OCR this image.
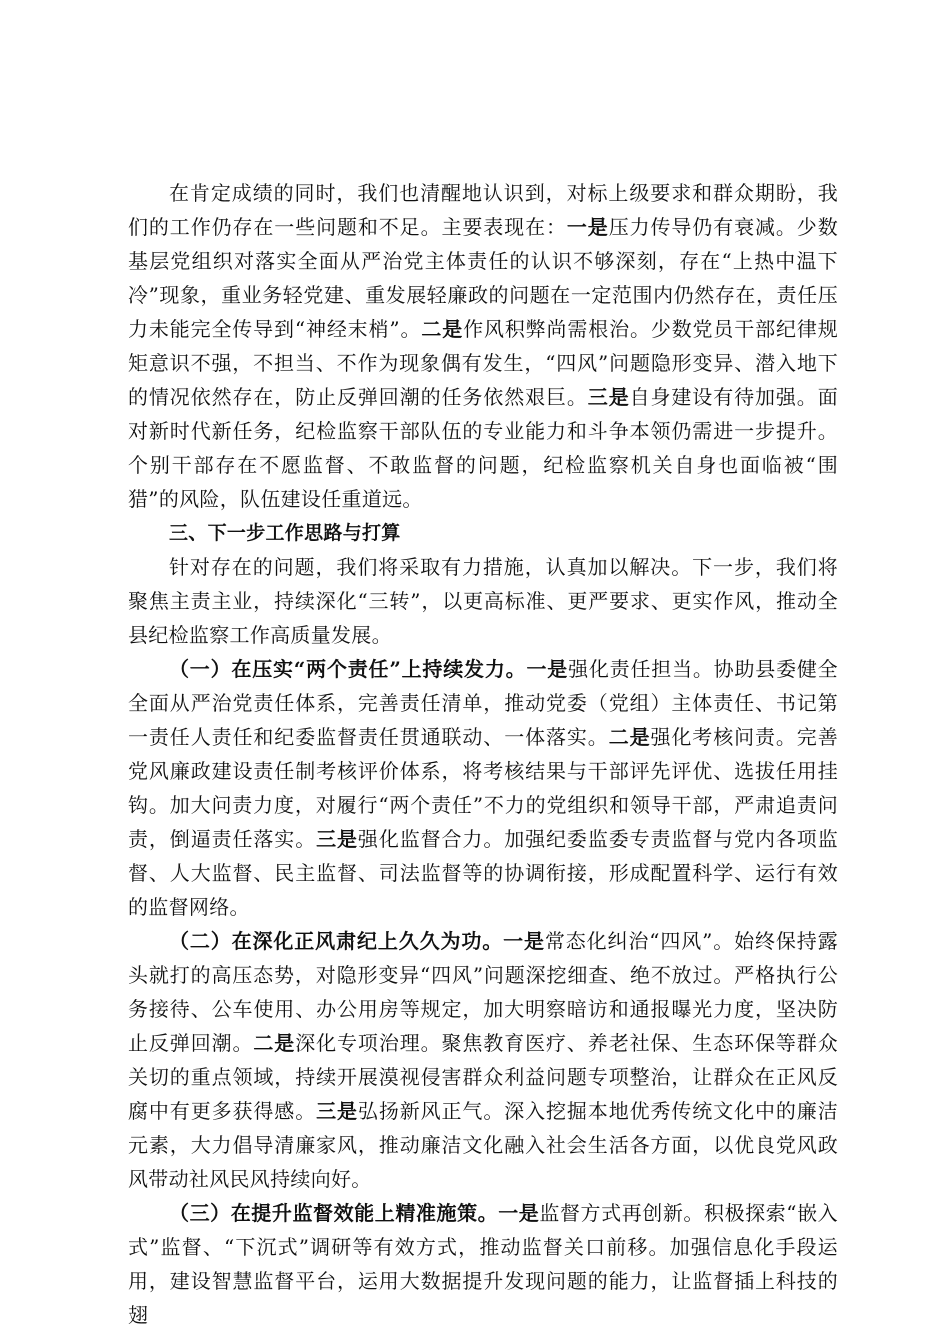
在肯定成绩的同时，我们也清醒地认识到，对标上级要求和群众期盼，我们的工作仍存在一些问题和不足。主要表现在：一是压力传导仍有衰减。少数基层党组织对落实全面从严治党主体责任的认识不够深刻，存在“上热中温下冷”现象，重业务轻党建、重发展轻廉政的问题在一定范围内仍然存在，责任压力未能完全传导到“神经末梢”。二是作风积弊尚需根治。少数党员干部纪律规矩意识不强，不担当、不作为现象偶有发生，“四风”问题隐形变异、潜入地下的情况依然存在，防止反弹回潮的任务依然艰巨。三是自身建设有待加强。面对新时代新任务，纪检监察干部队伍的专业能力和斗争本领仍需进一步提升。个别干部存在不愿监督、不敢监督的问题，纪检监察机关自身也面临被“围猎”的风险，队伍建设任重道远。

三、下一步工作思路与打算

针对存在的问题，我们将采取有力措施，认真加以解决。下一步，我们将聚焦主责主业，持续深化“三转”，以更高标准、更严要求、更实作风，推动全县纪检监察工作高质量发展。

（一）在压实“两个责任”上持续发力。一是强化责任担当。协助县委健全全面从严治党责任体系，完善责任清单，推动党委（党组）主体责任、书记第一责任人责任和纪委监督责任贯通联动、一体落实。二是强化考核问责。完善党风廉政建设责任制考核评价体系，将考核结果与干部评先评优、选拔任用挂钩。加大问责力度，对履行“两个责任”不力的党组织和领导干部，严肃追责问责，倒逼责任落实。三是强化监督合力。加强纪委监委专责监督与党内各项监督、人大监督、民主监督、司法监督等的协调衔接，形成配置科学、运行有效的监督网络。

（二）在深化正风肃纪上久久为功。一是常态化纠治“四风”。始终保持露头就打的高压态势，对隐形变异“四风”问题深挖细查、绝不放过。严格执行公务接待、公车使用、办公用房等规定，加大明察暗访和通报曝光力度，坚决防止反弹回潮。二是深化专项治理。聚焦教育医疗、养老社保、生态环保等群众关切的重点领域，持续开展漠视侵害群众利益问题专项整治，让群众在正风反腐中有更多获得感。三是弘扬新风正气。深入挖掘本地优秀传统文化中的廉洁元素，大力倡导清廉家风，推动廉洁文化融入社会生活各方面，以优良党风政风带动社风民风持续向好。

（三）在提升监督效能上精准施策。一是监督方式再创新。积极探索“嵌入式”监督、“下沉式”调研等有效方式，推动监督关口前移。加强信息化手段运用，建设智慧监督平台，运用大数据提升发现问题的能力，让监督插上科技的翅
